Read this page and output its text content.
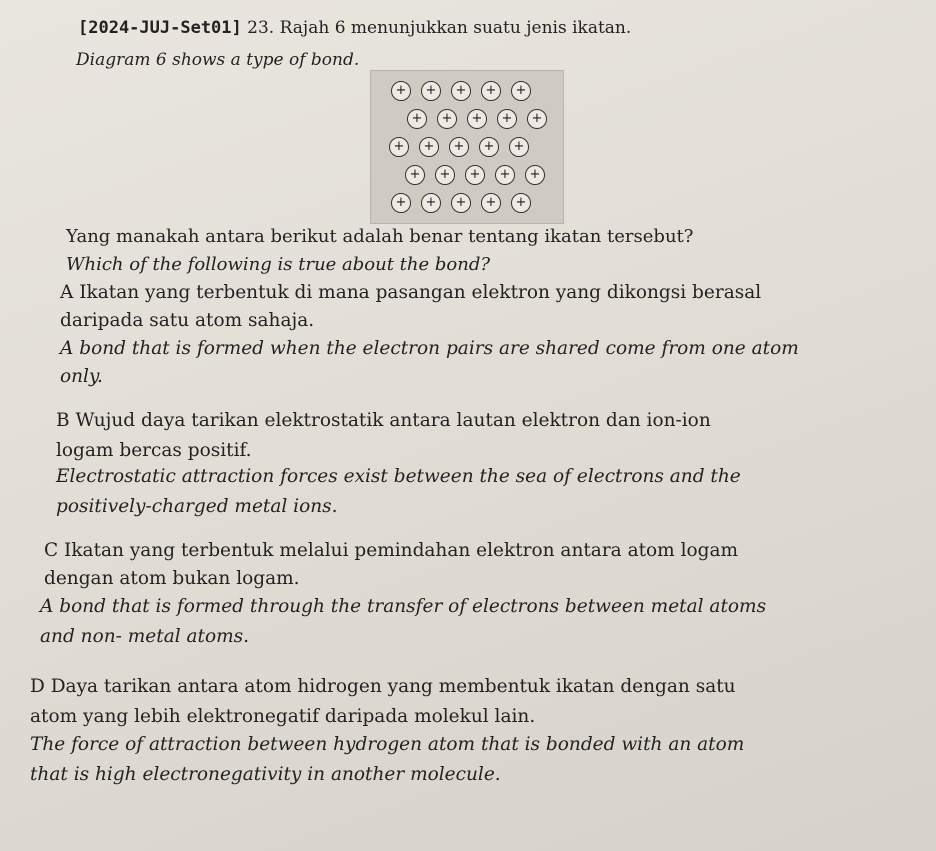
[2024-JUJ-Set01] 23. Rajah 6 menunjukkan suatu jenis ikatan.
Diagram 6 shows a type of bond.
+	+	+	+	+
+	+	+	+	+
+	+	+	+	+
+	+	+	+	+
+	+	+	+	+
Yang manakah antara berikut adalah benar tentang ikatan tersebut?
Which of the following is true about the bond?
A Ikatan yang terbentuk di mana pasangan elektron yang dikongsi berasal
daripada satu atom sahaja.
A bond that is formed when the electron pairs are shared come from one atom
only.
B Wujud daya tarikan elektrostatik antara lautan elektron dan ion-ion
logam bercas positif.
Electrostatic attraction forces exist between the sea of electrons and the
positively-charged metal ions.
C Ikatan yang terbentuk melalui pemindahan elektron antara atom logam
dengan atom bukan logam.
A bond that is formed through the transfer of electrons between metal atoms
and non- metal atoms.
D Daya tarikan antara atom hidrogen yang membentuk ikatan dengan satu
atom yang lebih elektronegatif daripada molekul lain.
The force of attraction between hydrogen atom that is bonded with an atom
that is high electronegativity in another molecule.
